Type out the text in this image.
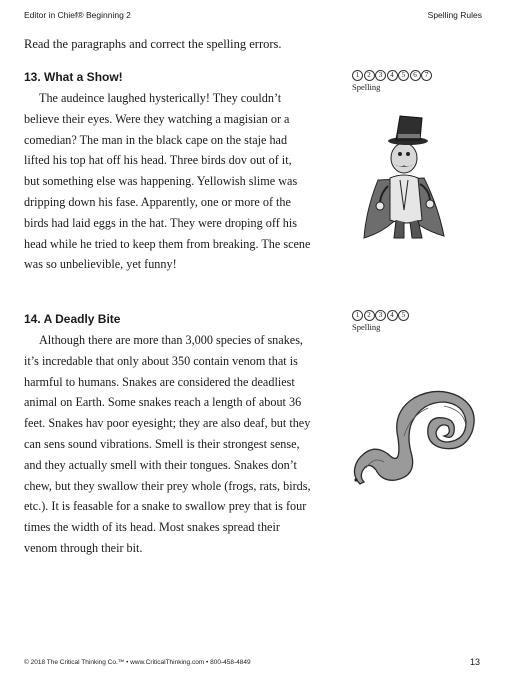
Editor in Chief® Beginning 2	Spelling Rules
Read the paragraphs and correct the spelling errors.
13. What a Show!
The audeince laughed hysterically! They couldn’t
believe their eyes. Were they watching a magisian or a
comedian? The man in the black cape on the staje had
lifted his top hat off his head. Three birds dov out of it,
but something else was happening. Yellowish slime was
dripping down his fase. Apparently, one or more of the
birds had laid eggs in the hat. They were droping off his
head while he tried to keep them from breaking. The scene
was so unbelievible, yet funny!
1 2 3 4 5 6 7
Spelling
14. A Deadly Bite
Although there are more than 3,000 species of snakes,
it’s incredable that only about 350 contain venom that is
harmful to humans. Snakes are considered the deadliest
animal on Earth. Some snakes reach a length of about 36
feet. Snakes hav poor eyesight; they are also deaf, but they
can sens sound vibrations. Smell is their strongest sense,
and they actually smell with their tongues. Snakes don’t
chew, but they swallow their prey whole (frogs, rats, birds,
etc.). It is feasable for a snake to swallow prey that is four
times the width of its head. Most snakes spread their
venom through their bit.
1 2 3 4 5
Spelling
© 2018 The Critical Thinking Co.™ • www.CriticalThinking.com • 800-458-4849	13
